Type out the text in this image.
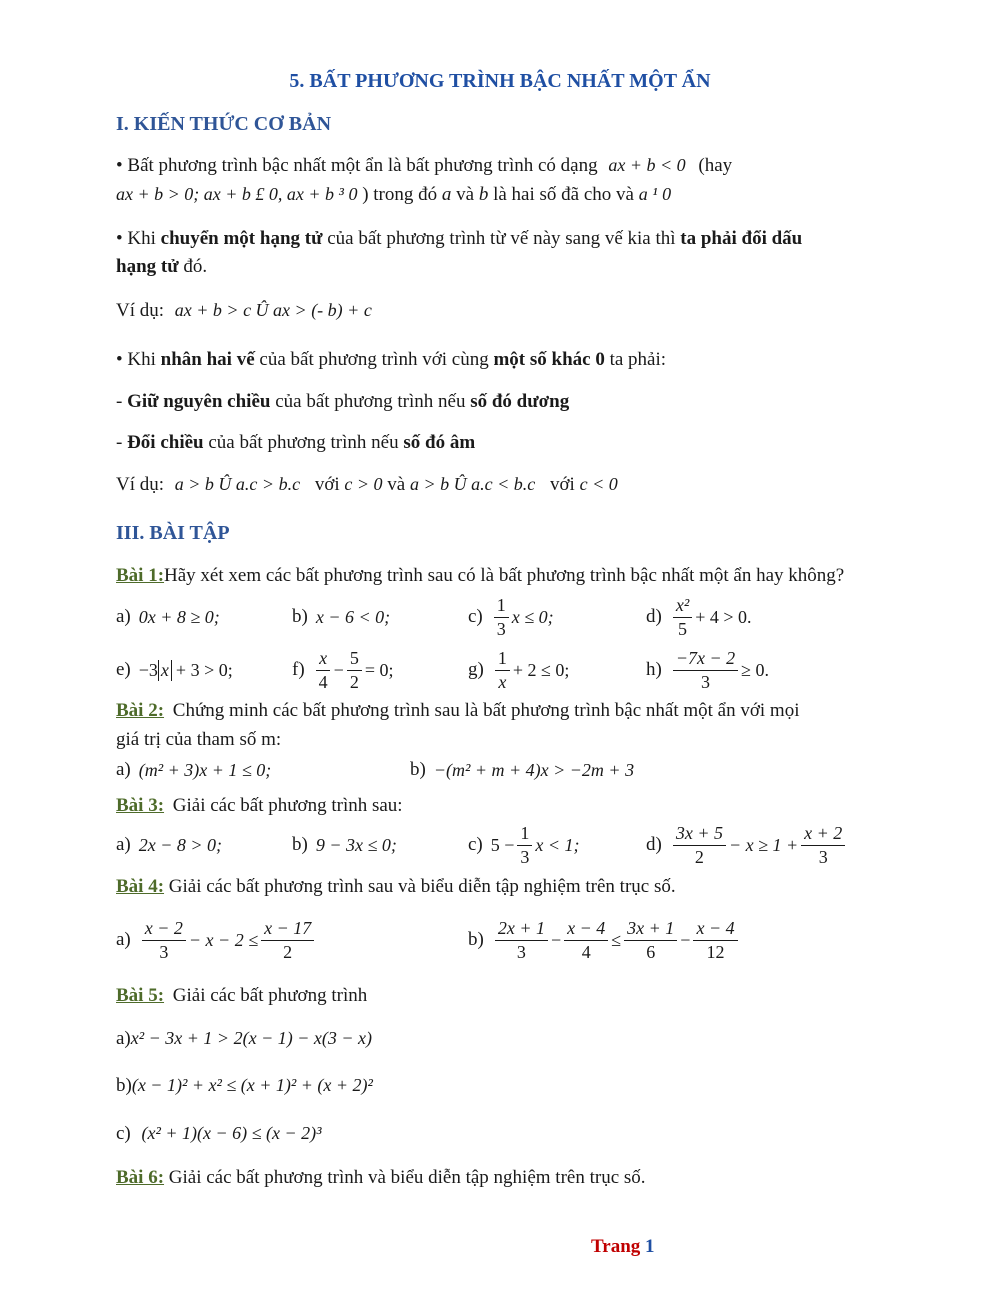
5. BẤT PHƯƠNG TRÌNH BẬC NHẤT MỘT ẨN
I. KIẾN THỨC CƠ BẢN
• Bất phương trình bậc nhất một ẩn là bất phương trình có dạng ax + b < 0 (hay
ax + b > 0; ax + b £ 0, ax + b ³ 0 ) trong đó a và b là hai số đã cho và a ¹ 0
• Khi chuyển một hạng tử của bất phương trình từ vế này sang vế kia thì ta phải đổi dấu
hạng tử đó.
Ví dụ: ax + b > c Û ax > (- b) + c
• Khi nhân hai vế của bất phương trình với cùng một số khác 0 ta phải:
- Giữ nguyên chiều của bất phương trình nếu số đó dương
- Đổi chiều của bất phương trình nếu số đó âm
Ví dụ: a > b Û a.c > b.c với c > 0 và a > b Û a.c < b.c với c < 0
III. BÀI TẬP
Bài 1:Hãy xét xem các bất phương trình sau có là bất phương trình bậc nhất một ẩn hay không?
a) 0x + 8 ≥ 0;	b) x − 6 < 0;	$c) \frac{1}{3}$ x ≤ 0;	$d) \frac{\text{x²}}{5} + 4 > 0$.
e) −3 x + 3 > 0;	$f) \frac{x}{4} - \frac{5}{2} = 0$;	$g) \frac{1}{x} + 2 \le 0$;	$h) \frac{-7x - 2}{3} \ge 0$.
Bài 2: Chứng minh các bất phương trình sau là bất phương trình bậc nhất một ẩn với mọi
giá trị của tham số m:
a) (m² + 3)x + 1 ≤ 0;	b) −(m² + m + 4)x > −2m + 3
Bài 3: Giải các bất phương trình sau:
a) 2x − 8 > 0;	b) 9 − 3x ≤ 0;	c) $5 - \frac{1}{3}$ x < 1;	$d) \frac{3x + 5}{2} - x \ge 1 + \frac{x + 2}{3}$
Bài 4: Giải các bất phương trình sau và biểu diễn tập nghiệm trên trục số.
$a) \frac{x - 2}{3} - x - 2 \le \frac{x - 17}{2}$	$b) \frac{2x + 1}{3} - \frac{x - 4}{4} \le \frac{3x + 1}{6} - \frac{x - 4}{12}$
Bài 5: Giải các bất phương trình
a)x² − 3x + 1 > 2(x − 1) − x(3 − x)
b)(x − 1)² + x² ≤ (x + 1)² + (x + 2)²
c) (x² + 1)(x − 6) ≤ (x − 2)³
Bài 6: Giải các bất phương trình và biểu diễn tập nghiệm trên trục số.
Trang 1
